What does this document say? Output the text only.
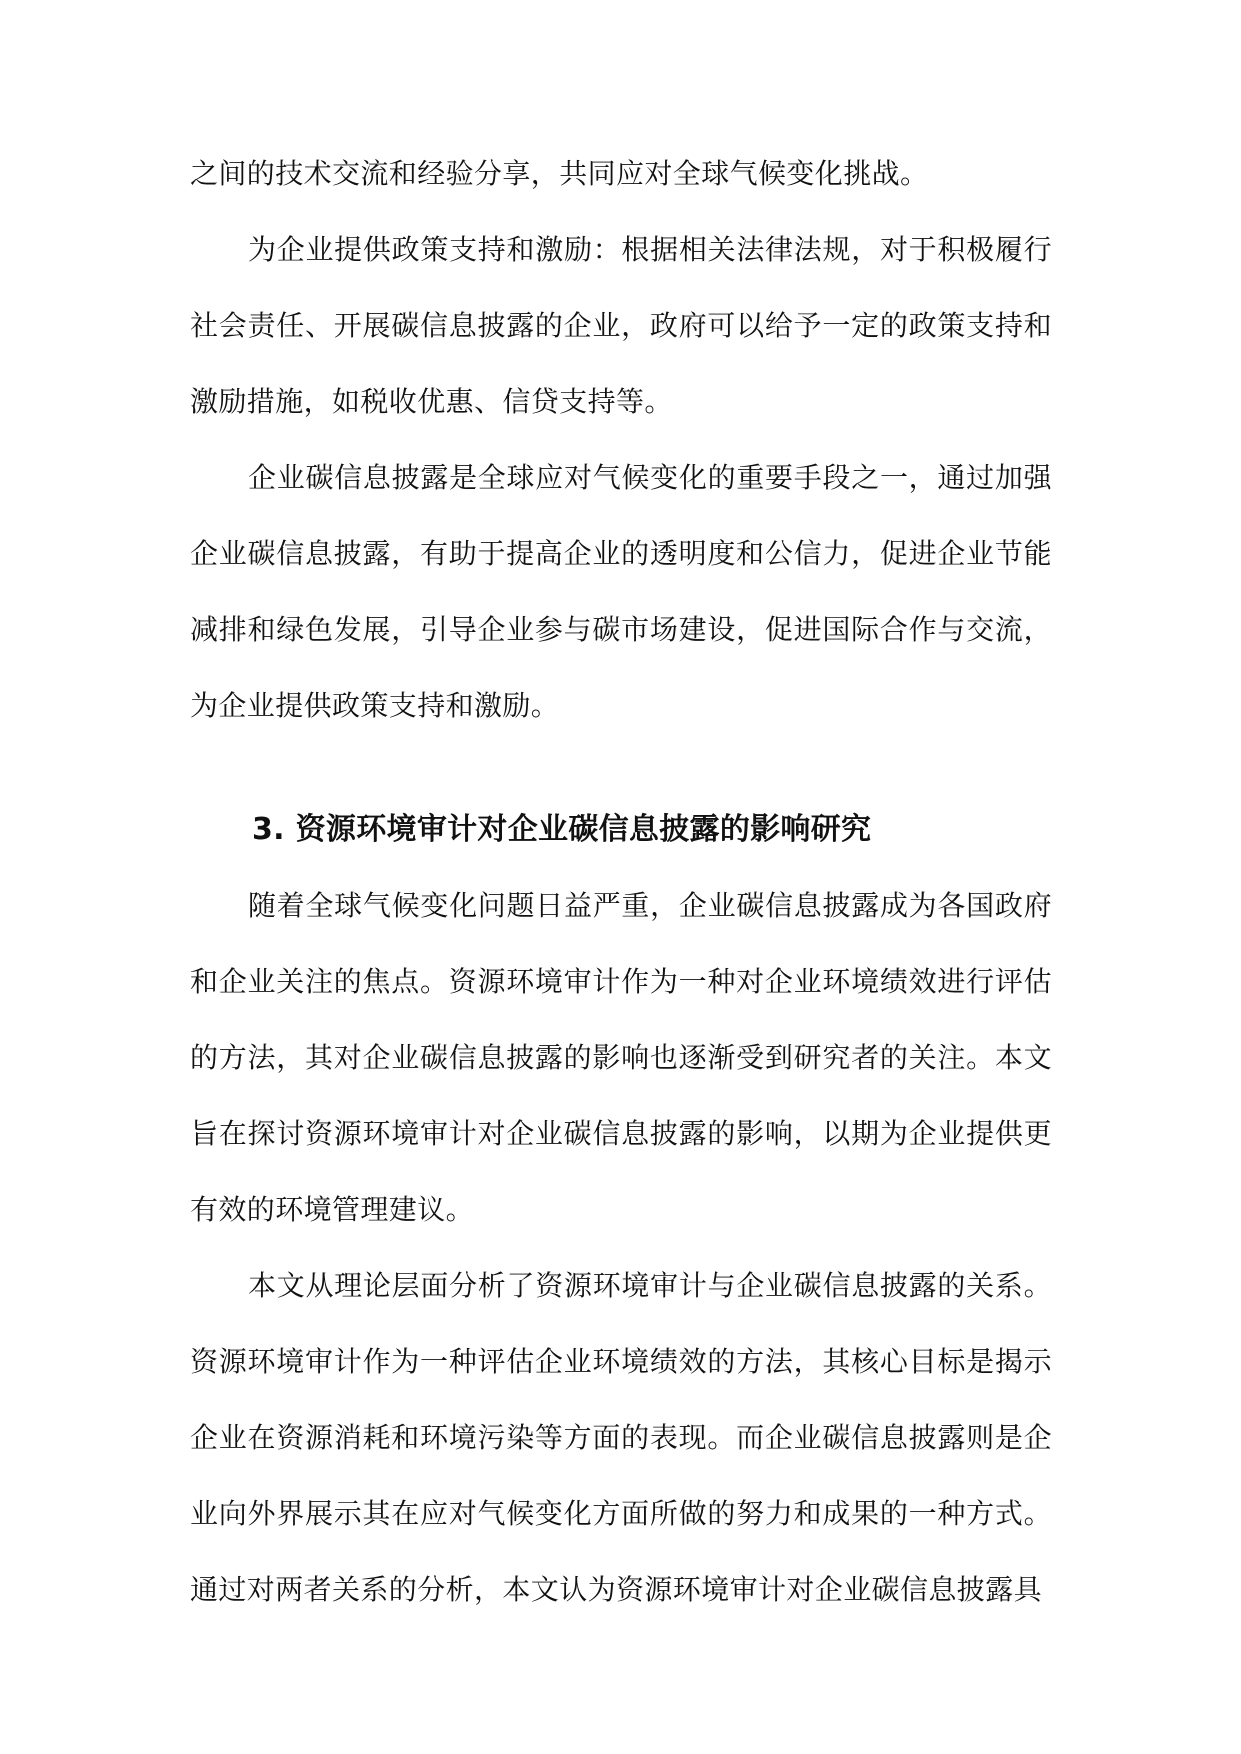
之间的技术交流和经验分享，共同应对全球气候变化挑战。

为企业提供政策支持和激励：根据相关法律法规，对于积极履行社会责任、开展碳信息披露的企业，政府可以给予一定的政策支持和激励措施，如税收优惠、信贷支持等。

企业碳信息披露是全球应对气候变化的重要手段之一，通过加强企业碳信息披露，有助于提高企业的透明度和公信力，促进企业节能减排和绿色发展，引导企业参与碳市场建设，促进国际合作与交流，为企业提供政策支持和激励。

3. 资源环境审计对企业碳信息披露的影响研究

随着全球气候变化问题日益严重，企业碳信息披露成为各国政府和企业关注的焦点。资源环境审计作为一种对企业环境绩效进行评估的方法，其对企业碳信息披露的影响也逐渐受到研究者的关注。本文旨在探讨资源环境审计对企业碳信息披露的影响，以期为企业提供更有效的环境管理建议。

本文从理论层面分析了资源环境审计与企业碳信息披露的关系。资源环境审计作为一种评估企业环境绩效的方法，其核心目标是揭示企业在资源消耗和环境污染等方面的表现。而企业碳信息披露则是企业向外界展示其在应对气候变化方面所做的努力和成果的一种方式。通过对两者关系的分析，本文认为资源环境审计对企业碳信息披露具
